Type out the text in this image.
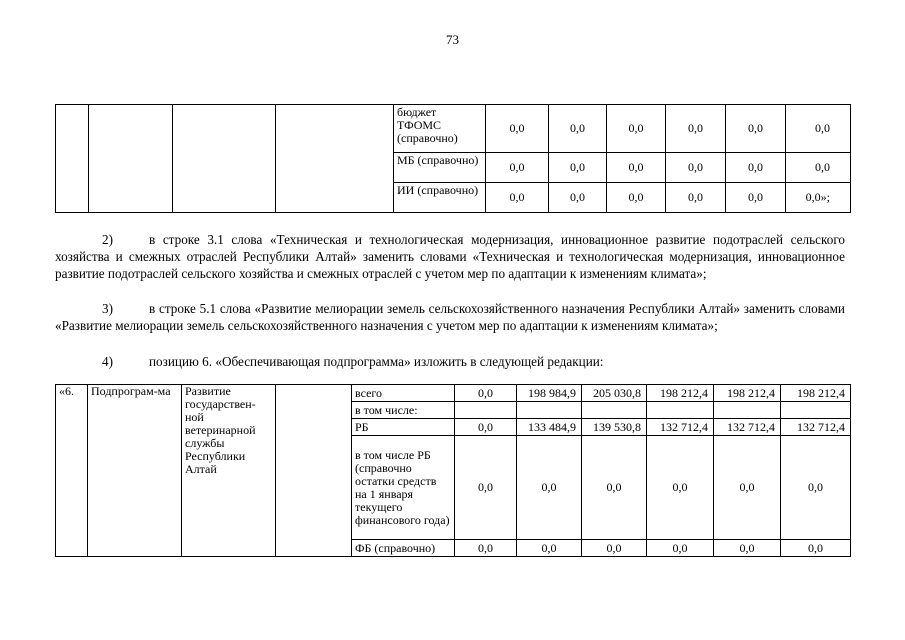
73
				бюджет ТФОМС (справочно)	0,0	0,0	0,0	0,0	0,0	0,0
				МБ (справочно)	0,0	0,0	0,0	0,0	0,0	0,0
				ИИ (справочно)	0,0	0,0	0,0	0,0	0,0	0,0»;

2)	в строке 3.1 слова «Техническая и технологическая модернизация, инновационное развитие подотраслей сельского хозяйства и смежных отраслей Республики Алтай» заменить словами «Техническая и технологическая модернизация, инновационное развитие подотраслей сельского хозяйства и смежных отраслей с учетом мер по адаптации к изменениям климата»;

3)	в строке 5.1 слова «Развитие мелиорации земель сельскохозяйственного назначения Республики Алтай» заменить словами «Развитие мелиорации земель сельскохозяйственного назначения с учетом мер по адаптации к изменениям климата»;

4)	позицию 6. «Обеспечивающая подпрограмма» изложить в следующей редакции:

«6.	Подпрограм-ма	Развитие государствен-ной ветеринарной службы Республики Алтай		всего	0,0	198 984,9	205 030,8	198 212,4	198 212,4	198 212,4
				в том числе:						
				РБ	0,0	133 484,9	139 530,8	132 712,4	132 712,4	132 712,4
				в том числе РБ (справочно остатки средств на 1 января текущего финансового года)	0,0	0,0	0,0	0,0	0,0	0,0
				ФБ (справочно)	0,0	0,0	0,0	0,0	0,0	0,0
